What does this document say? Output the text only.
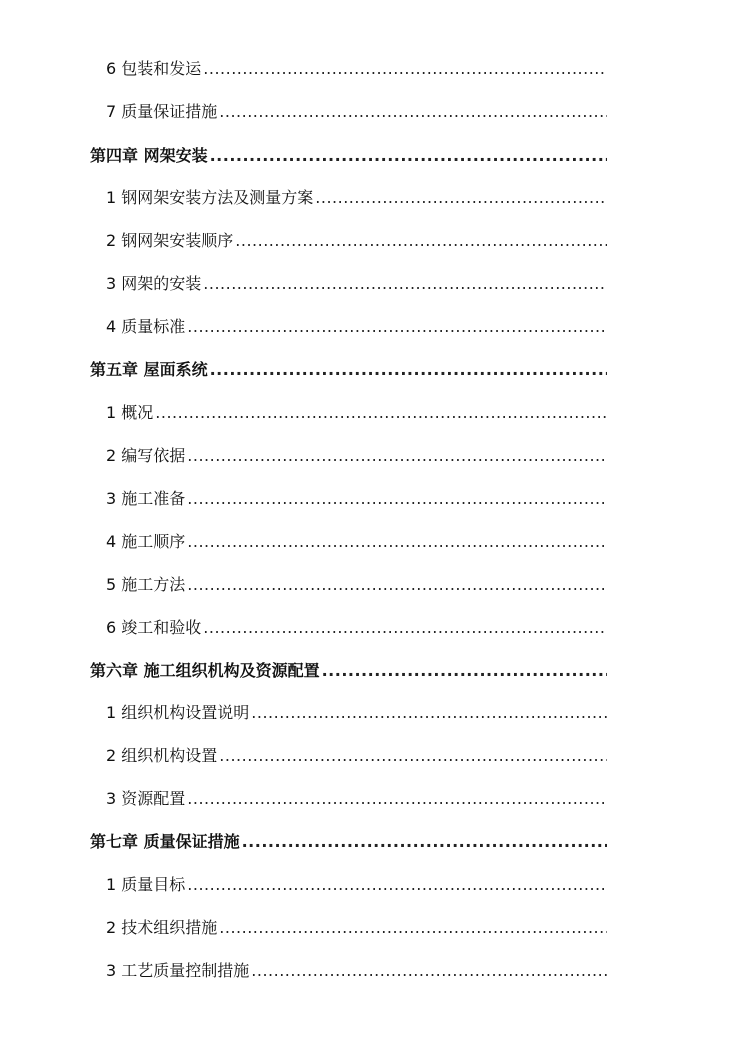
6 包装和发运
.....
7 质量保证措施
.....
第四章 网架安装
.....
1 钢网架安装方法及测量方案
.....
2 钢网架安装顺序
.....
3 网架的安装
.....
4 质量标准
.....
第五章 屋面系统
.....
1 概况
.....
2 编写依据
.....
3 施工准备
.....
4 施工顺序
.....
5 施工方法
.....
6 竣工和验收
.....
第六章 施工组织机构及资源配置
.....
1 组织机构设置说明
.....
2 组织机构设置
.....
3 资源配置
.....
第七章 质量保证措施
.....
1 质量目标
.....
2 技术组织措施
.....
3 工艺质量控制措施
.....
